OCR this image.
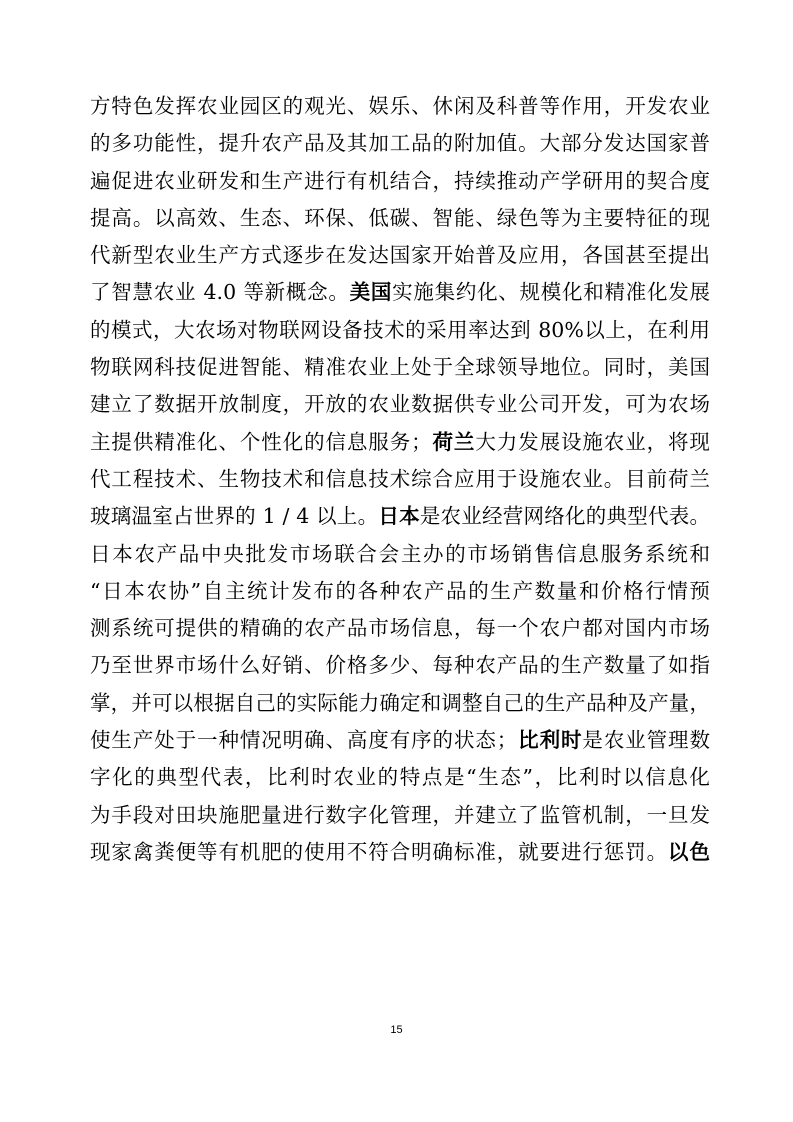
方特色发挥农业园区的观光、娱乐、休闲及科普等作用，开发农业
的多功能性，提升农产品及其加工品的附加值。大部分发达国家普
遍促进农业研发和生产进行有机结合，持续推动产学研用的契合度
提高。以高效、生态、环保、低碳、智能、绿色等为主要特征的现
代新型农业生产方式逐步在发达国家开始普及应用，各国甚至提出
了智慧农业 4.0 等新概念。美国实施集约化、规模化和精准化发展
的模式，大农场对物联网设备技术的采用率达到 80%以上，在利用
物联网科技促进智能、精准农业上处于全球领导地位。同时，美国
建立了数据开放制度，开放的农业数据供专业公司开发，可为农场
主提供精准化、个性化的信息服务；荷兰大力发展设施农业，将现
代工程技术、生物技术和信息技术综合应用于设施农业。目前荷兰
玻璃温室占世界的 1 / 4 以上。日本是农业经营网络化的典型代表。
日本农产品中央批发市场联合会主办的市场销售信息服务系统和
“日本农协”自主统计发布的各种农产品的生产数量和价格行情预
测系统可提供的精确的农产品市场信息，每一个农户都对国内市场
乃至世界市场什么好销、价格多少、每种农产品的生产数量了如指
掌，并可以根据自己的实际能力确定和调整自己的生产品种及产量，
使生产处于一种情况明确、高度有序的状态；比利时是农业管理数
字化的典型代表，比利时农业的特点是“生态”，比利时以信息化
为手段对田块施肥量进行数字化管理，并建立了监管机制，一旦发
现家禽粪便等有机肥的使用不符合明确标准，就要进行惩罚。以色
15
